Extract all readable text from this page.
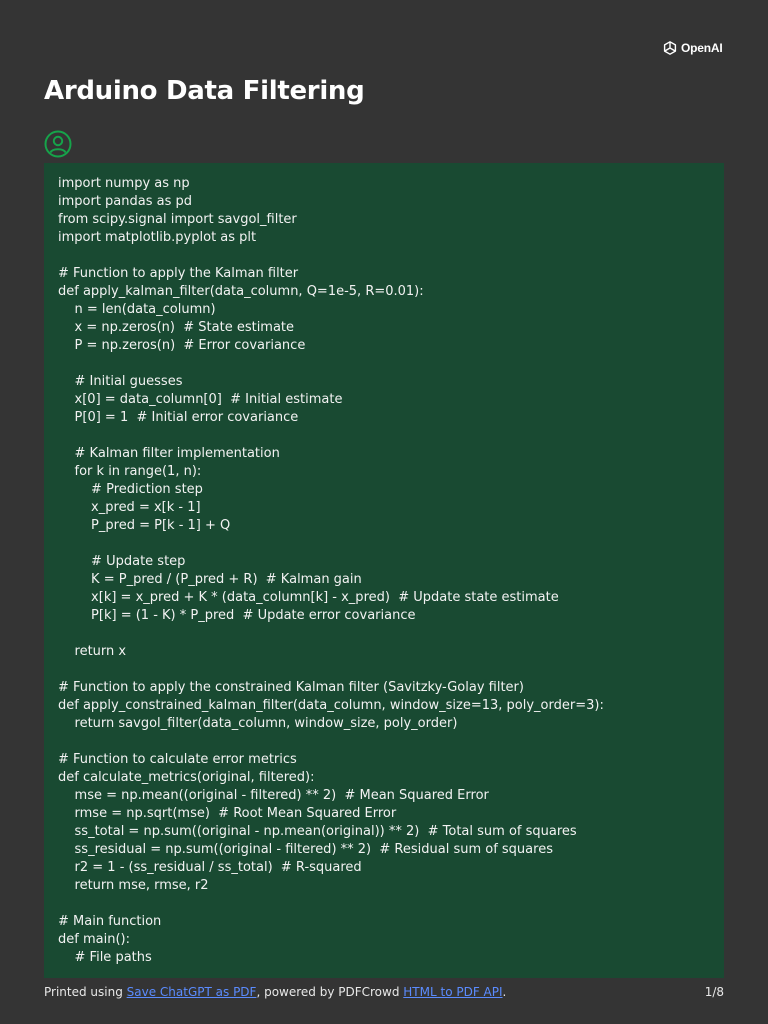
OpenAI
Arduino Data Filtering
import numpy as np
import pandas as pd
from scipy.signal import savgol_filter
import matplotlib.pyplot as plt

# Function to apply the Kalman filter
def apply_kalman_filter(data_column, Q=1e-5, R=0.01):
n = len(data_column)
x = np.zeros(n)  # State estimate
P = np.zeros(n)  # Error covariance

# Initial guesses
x[0] = data_column[0]  # Initial estimate
P[0] = 1  # Initial error covariance

# Kalman filter implementation
for k in range(1, n):
# Prediction step
x_pred = x[k - 1]
P_pred = P[k - 1] + Q

# Update step
K = P_pred / (P_pred + R)  # Kalman gain
x[k] = x_pred + K * (data_column[k] - x_pred)  # Update state estimate
P[k] = (1 - K) * P_pred  # Update error covariance

return x

# Function to apply the constrained Kalman filter (Savitzky-Golay filter)
def apply_constrained_kalman_filter(data_column, window_size=13, poly_order=3):
return savgol_filter(data_column, window_size, poly_order)

# Function to calculate error metrics
def calculate_metrics(original, filtered):
mse = np.mean((original - filtered) ** 2)  # Mean Squared Error
rmse = np.sqrt(mse)  # Root Mean Squared Error
ss_total = np.sum((original - np.mean(original)) ** 2)  # Total sum of squares
ss_residual = np.sum((original - filtered) ** 2)  # Residual sum of squares
r2 = 1 - (ss_residual / ss_total)  # R-squared
return mse, rmse, r2

# Main function
def main():
# File paths

Printed using Save ChatGPT as PDF, powered by PDFCrowd HTML to PDF API.	1/8
